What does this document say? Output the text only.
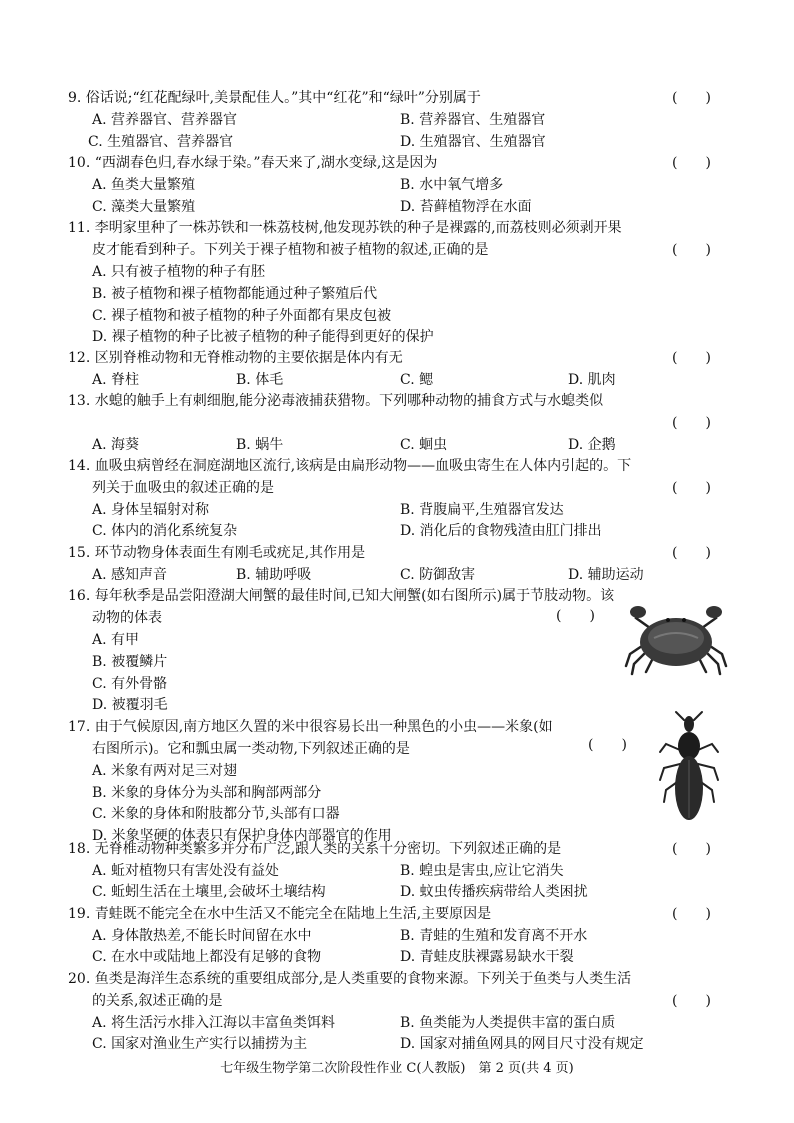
9. 俗话说;“红花配绿叶,美景配佳人。”其中“红花”和“绿叶”分别属于	(　　)
A. 营养器官、营养器官	B. 营养器官、生殖器官
C. 生殖器官、营养器官	D. 生殖器官、生殖器官
10. “西湖春色归,春水绿于染。”春天来了,湖水变绿,这是因为	(　　)
A. 鱼类大量繁殖	B. 水中氧气增多
C. 藻类大量繁殖	D. 苔藓植物浮在水面
11. 李明家里种了一株苏铁和一株荔枝树,他发现苏铁的种子是裸露的,而荔枝则必须剥开果
皮才能看到种子。下列关于裸子植物和被子植物的叙述,正确的是	(　　)
A. 只有被子植物的种子有胚
B. 被子植物和裸子植物都能通过种子繁殖后代
C. 裸子植物和被子植物的种子外面都有果皮包被
D. 裸子植物的种子比被子植物的种子能得到更好的保护
12. 区别脊椎动物和无脊椎动物的主要依据是体内有无	(　　)
A. 脊柱	B. 体毛	C. 鳃	D. 肌肉
13. 水螅的触手上有刺细胞,能分泌毒液捕获猎物。下列哪种动物的捕食方式与水螅类似
(　　)
A. 海葵	B. 蜗牛	C. 蛔虫	D. 企鹅
14. 血吸虫病曾经在洞庭湖地区流行,该病是由扁形动物——血吸虫寄生在人体内引起的。下
列关于血吸虫的叙述正确的是	(　　)
A. 身体呈辐射对称	B. 背腹扁平,生殖器官发达
C. 体内的消化系统复杂	D. 消化后的食物残渣由肛门排出
15. 环节动物身体表面生有刚毛或疣足,其作用是	(　　)
A. 感知声音	B. 辅助呼吸	C. 防御敌害	D. 辅助运动
16. 每年秋季是品尝阳澄湖大闸蟹的最佳时间,已知大闸蟹(如右图所示)属于节肢动物。该
动物的体表	(　　)
A. 有甲
B. 被覆鳞片
C. 有外骨骼
D. 被覆羽毛
17. 由于气候原因,南方地区久置的米中很容易长出一种黑色的小虫——米象(如
右图所示)。它和瓢虫属一类动物,下列叙述正确的是	(　　)
A. 米象有两对足三对翅
B. 米象的身体分为头部和胸部两部分
C. 米象的身体和附肢都分节,头部有口器
D. 米象坚硬的体表只有保护身体内部器官的作用
18. 无脊椎动物种类繁多并分布广泛,跟人类的关系十分密切。下列叙述正确的是	(　　)
A. 蚯对植物只有害处没有益处	B. 蝗虫是害虫,应让它消失
C. 蚯蚓生活在土壤里,会破坏土壤结构	D. 蚊虫传播疾病带给人类困扰
19. 青蛙既不能完全在水中生活又不能完全在陆地上生活,主要原因是	(　　)
A. 身体散热差,不能长时间留在水中	B. 青蛙的生殖和发育离不开水
C. 在水中或陆地上都没有足够的食物	D. 青蛙皮肤裸露易缺水干裂
20. 鱼类是海洋生态系统的重要组成部分,是人类重要的食物来源。下列关于鱼类与人类生活
的关系,叙述正确的是	(　　)
A. 将生活污水排入江海以丰富鱼类饵料	B. 鱼类能为人类提供丰富的蛋白质
C. 国家对渔业生产实行以捕捞为主	D. 国家对捕鱼网具的网目尺寸没有规定
七年级生物学第二次阶段性作业 C(人教版)　第 2 页(共 4 页)
